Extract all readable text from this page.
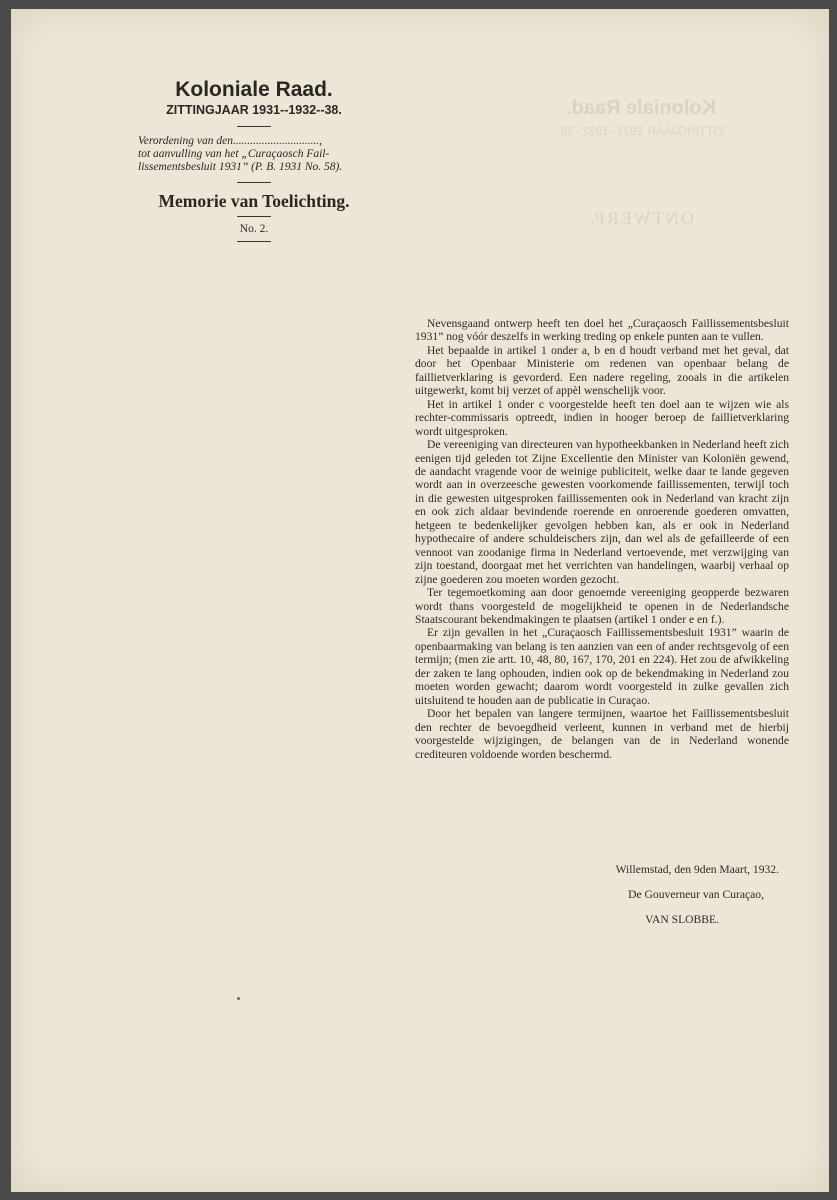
Koloniale Raad.
ZITTINGJAAR 1931--1932--38.
ONTWERP.
Koloniale Raad.
ZITTINGJAAR 1931--1932--38.
Verordening van den..............................,
tot aanvulling van het „Curaçaosch Fail-
lissementsbesluit 1931” (P. B. 1931 No. 58).
Memorie van Toelichting.
No. 2.

Nevensgaand ontwerp heeft ten doel het „Curaçaosch Faillissementsbesluit 1931” nog vóór deszelfs in werking treding op enkele punten aan te vullen.

Het bepaalde in artikel 1 onder a, b en d houdt verband met het geval, dat door het Openbaar Ministerie om redenen van openbaar belang de faillietverklaring is gevorderd. Een nadere regeling, zooals in die artikelen uitgewerkt, komt bij verzet of appèl wenschelijk voor.

Het in artikel 1 onder c voorgestelde heeft ten doel aan te wijzen wie als rechter-commissaris optreedt, indien in hooger beroep de faillietverklaring wordt uitgesproken.

De vereeniging van directeuren van hypotheekbanken in Nederland heeft zich eenigen tijd geleden tot Zijne Excellentie den Minister van Koloniën gewend, de aandacht vragende voor de weinige publiciteit, welke daar te lande gegeven wordt aan in overzeesche gewesten voorkomende faillissementen, terwijl toch in die gewesten uitgesproken faillissementen ook in Nederland van kracht zijn en ook zich aldaar bevindende roerende en onroerende goederen omvatten, hetgeen te bedenkelijker gevolgen hebben kan, als er ook in Nederland hypothecaire of andere schuldeischers zijn, dan wel als de gefailleerde of een vennoot van zoodanige firma in Nederland vertoevende, met verzwijging van zijn toestand, doorgaat met het verrichten van handelingen, waarbij verhaal op zijne goederen zou moeten worden gezocht.

Ter tegemoetkoming aan door genoemde vereeniging geopperde bezwaren wordt thans voorgesteld de mogelijkheid te openen in de Nederlandsche Staatscourant bekendmakingen te plaatsen (artikel 1 onder e en f.).

Er zijn gevallen in het „Curaçaosch Faillissementsbesluit 1931” waarin de openbaarmaking van belang is ten aanzien van een of ander rechtsgevolg of een termijn; (men zie artt. 10, 48, 80, 167, 170, 201 en 224). Het zou de afwikkeling der zaken te lang ophouden, indien ook op de bekendmaking in Nederland zou moeten worden gewacht; daarom wordt voorgesteld in zulke gevallen zich uitsluitend te houden aan de publicatie in Curaçao.

Door het bepalen van langere termijnen, waartoe het Faillissementsbesluit den rechter de bevoegdheid verleent, kunnen in verband met de hierbij voorgestelde wijzigingen, de belangen van de in Nederland wonende crediteuren voldoende worden beschermd.

Willemstad, den 9den Maart, 1932.
De Gouverneur van Curaçao,
VAN SLOBBE.
